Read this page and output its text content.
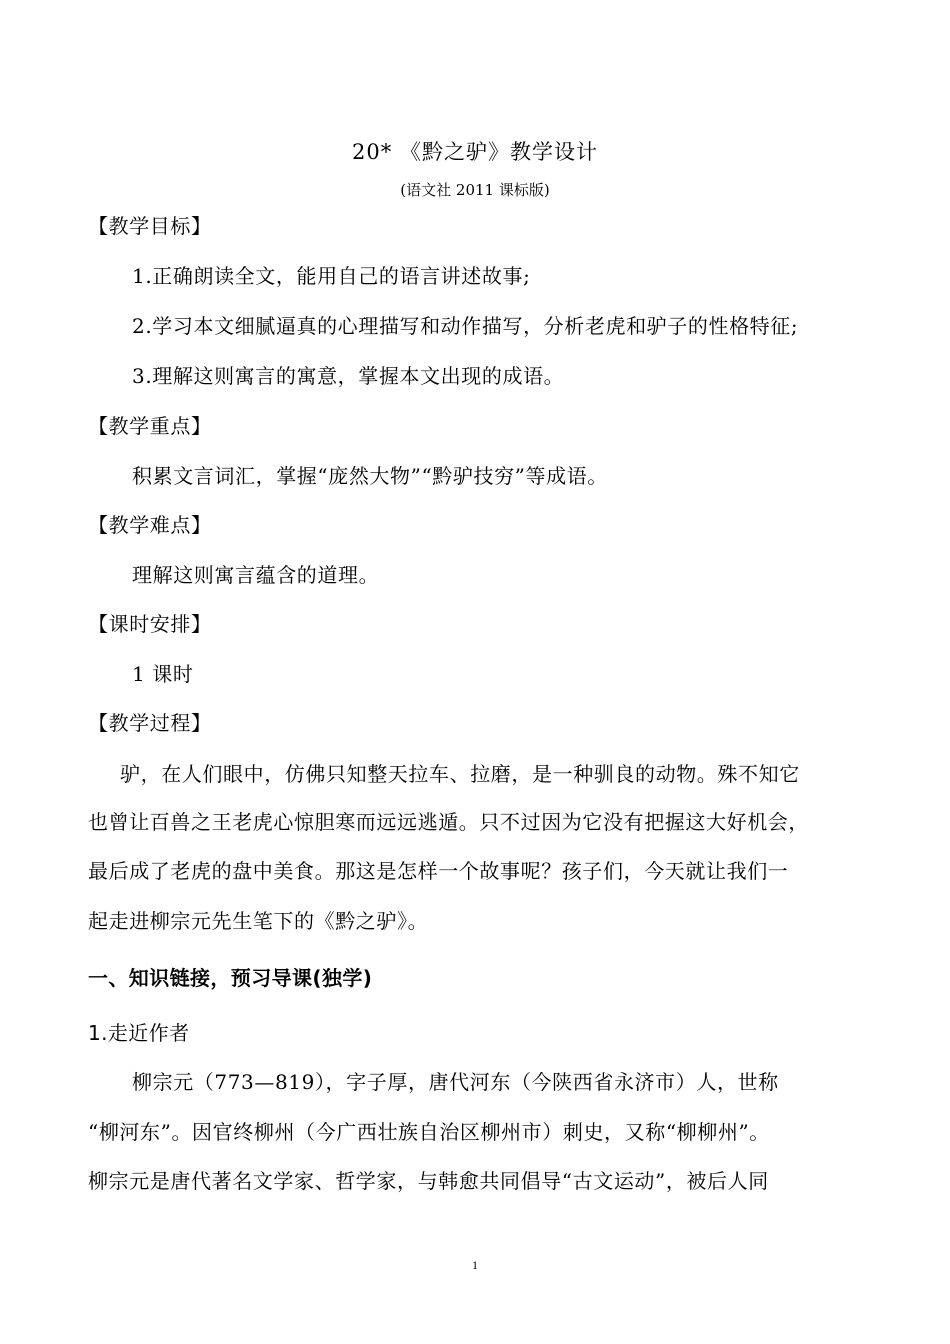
20* 《黔之驴》教学设计
(语文社 2011 课标版)
【教学目标】
1.正确朗读全文，能用自己的语言讲述故事;
2.学习本文细腻逼真的心理描写和动作描写，分析老虎和驴子的性格特征;
3.理解这则寓言的寓意，掌握本文出现的成语。
【教学重点】
积累文言词汇，掌握“庞然大物”“黔驴技穷”等成语。
【教学难点】
理解这则寓言蕴含的道理。
【课时安排】
1 课时
【教学过程】
驴，在人们眼中，仿佛只知整天拉车、拉磨，是一种驯良的动物。殊不知它
也曾让百兽之王老虎心惊胆寒而远远逃遁。只不过因为它没有把握这大好机会，
最后成了老虎的盘中美食。那这是怎样一个故事呢？孩子们，今天就让我们一
起走进柳宗元先生笔下的《黔之驴》。
一、知识链接，预习导课(独学)
1.走近作者
柳宗元（773—819），字子厚，唐代河东（今陕西省永济市）人，世称
“柳河东”。因官终柳州（今广西壮族自治区柳州市）刺史，又称“柳柳州”。
柳宗元是唐代著名文学家、哲学家，与韩愈共同倡导“古文运动”，被后人同
1
